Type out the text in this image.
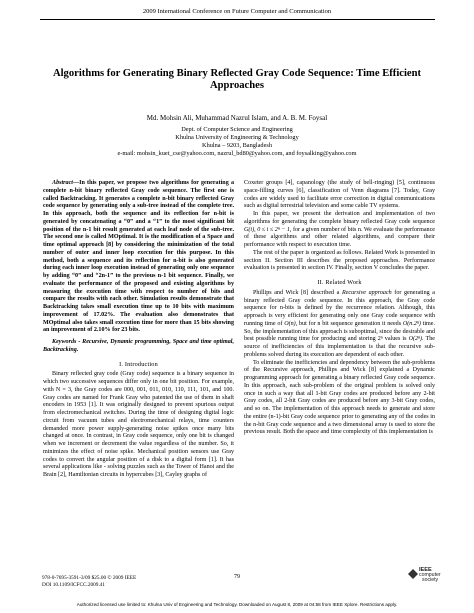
2009 International Conference on Future Computer and Communication
Algorithms for Generating Binary Reflected Gray Code Sequence: Time Efficient Approaches
Md. Mohsin Ali, Muhammad Nazrul Islam, and A. B. M. Foysal
Dept. of Computer Science and Engineering
Khulna University of Engineering & Technology
Khulna – 9203, Bangladesh
e-mail: mohsin_kuet_cse@yahoo.com, nazrul_bd80@yahoo.com, and foysalking@yahoo.com

Abstract—In this paper, we propose two algorithms for generating a complete n-bit binary reflected Gray code sequence. The first one is called Backtracking. It generates a complete n-bit binary reflected Gray code sequence by generating only a sub-tree instead of the complete tree. In this approach, both the sequence and its reflection for n-bit is generated by concatenating a “0” and a “1” to the most significant bit position of the n-1 bit result generated at each leaf node of the sub-tree. The second one is called MOptimal. It is the modification of a Space and time optimal approach [8] by considering the minimization of the total number of outer and inner loop execution for this purpose. In this method, both a sequence and its reflection for n-bit is also generated during each inner loop execution instead of generating only one sequence by adding “0” and “2n-1” to the previous n-1 bit sequence. Finally, we evaluate the performance of the proposed and existing algorithms by measuring the execution time with respect to number of bits and compare the results with each other. Simulation results demonstrate that Backtracking takes small execution time up to 10 bits with maximum improvement of 17.02%. The evaluation also demonstrates that MOptimal also takes small execution time for more than 15 bits showing an improvement of 2.10% for 23 bits.

Keywords - Recursive, Dynamic programming, Space and time optimal, Backtracking.

I. Introduction

Binary reflected gray code (Gray code) sequence is a binary sequence in which two successive sequences differ only in one bit position. For example, with N = 3, the Gray codes are 000, 001, 011, 010, 110, 111, 101, and 100. Gray codes are named for Frank Gray who patented the use of them in shaft encoders in 1953 [1]. It was originally designed to prevent spurious output from electromechanical switches. During the time of designing digital logic circuit from vacuum tubes and electromechanical relays, time counters demanded more power supply-generating noise spikes once many bits changed at once. In contrast, in Gray code sequence, only one bit is changed when we increment or decrement the value regardless of the number. So, it minimizes the effect of noise spike. Mechanical position sensors use Gray codes to convert the angular position of a disk to a digital form [1]. It has several applications like - solving puzzles such as the Tower of Hanoi and the Brain [2], Hamiltonian circuits in hypercubes [3], Cayley graphs of

Coxeter groups [4], capanology (the study of bell-ringing) [5], continuous space-filling curves [6], classification of Venn diagrams [7]. Today, Gray codes are widely used to facilitate error correction in digital communications such as digital terrestrial television and some cable TV systems.

In this paper, we present the derivation and implementation of two algorithms for generating the complete binary reflected Gray code sequence G(i), 0 ≤ i ≤ 2ⁿ − 1, for a given number of bits n. We evaluate the performance of these algorithms and other related algorithms, and compare their performance with respect to execution time.

The rest of the paper is organized as follows. Related Work is presented in section II. Section III describes the proposed approaches. Performance evaluation is presented in section IV. Finally, section V concludes the paper.

II. Related Work

Phillips and Wick [8] described a Recursive approach for generating a binary reflected Gray code sequence. In this approach, the Gray code sequence for n-bits is defined by the recurrence relation. Although, this approach is very efficient for generating only one Gray code sequence with running time of O(n), but for n bit sequence generation it needs O(n.2ⁿ) time. So, the implementation of this approach is suboptimal, since the desirable and best possible running time for producing and storing 2ⁿ values is O(2ⁿ). The source of inefficiencies of this implementation is that the recursive sub-problems solved during its execution are dependent of each other.

To eliminate the inefficiencies and dependency between the sub-problems of the Recursive approach, Phillips and Wick [8] explained a Dynamic programming approach for generating a binary reflected Gray code sequence. In this approach, each sub-problem of the original problem is solved only once in such a way that all 1-bit Gray codes are produced before any 2-bit Gray codes, all 2-bit Gray codes are produced before any 3-bit Gray codes, and so on. The implementation of this approach needs to generate and store the entire (n-1)-bit Gray code sequence prior to generating any of the codes in the n-bit Gray code sequence and a two dimensional array is used to store the previous result. Both the space and time complexity of this implementation is

978-0-7695-3591-3/09 $25.00 © 2009 IEEE
DOI 10.1109/ICFCC.2009.41
79
IEEE
computer
society
Authorized licensed use limited to: Khulna Univ of Engineering and Technology. Downloaded on August 8, 2009 at 04:58 from IEEE Xplore. Restrictions apply.
